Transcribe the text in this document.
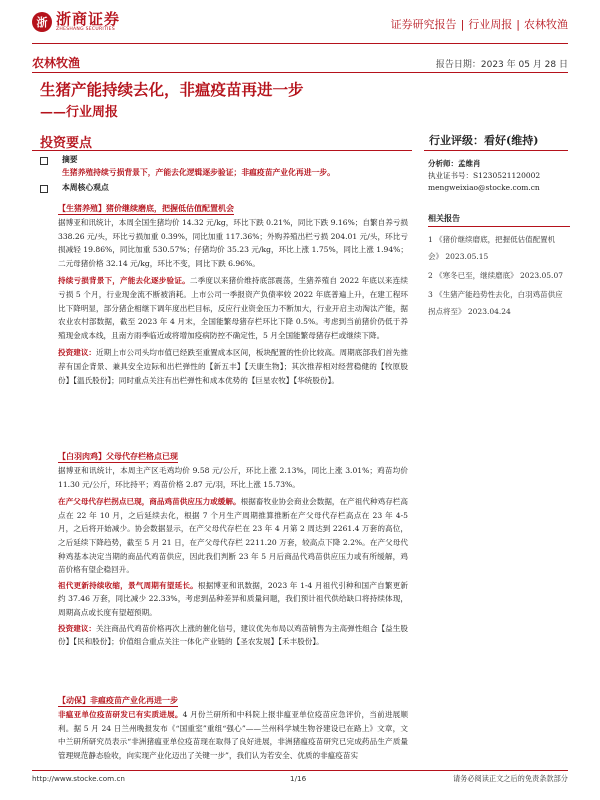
浙 浙商证券
ZHESHANG SECURITIES	证券研究报告 | 行业周报 | 农林牧渔
农林牧渔	报告日期：2023 年 05 月 28 日
生猪产能持续去化，非瘟疫苗再进一步
——行业周报
投资要点	行业评级：看好(维持)
摘要
生猪养殖持续亏损背景下，产能去化逻辑逐步验证；非瘟疫苗产业化再进一步。
本周核心观点
【生猪养殖】猪价继续磨底，把握低估值配置机会
据博亚和讯统计，本周全国生猪均价 14.32 元/kg，环比下跌 0.21%，同比下跌 9.16%；自繁自养亏损 338.26 元/头，环比亏损加重 0.39%，同比加重 117.36%；外购养殖出栏亏损 204.01 元/头，环比亏损减轻 19.86%，同比加重 530.57%；仔猪均价 35.23 元/kg，环比上涨 1.75%，同比上涨 1.94%；二元母猪价格 32.14 元/kg，环比不变，同比下跌 6.96%。
持续亏损背景下，产能去化逐步验证。二季度以来猪价维持底部震荡，生猪养殖自 2022 年底以来连续亏损 5 个月，行业现金流不断被消耗。上市公司一季报资产负债率较 2022 年底普遍上升，在建工程环比下降明显，部分猪企相继下调年度出栏目标，反应行业资金压力不断加大，行业开启主动淘汰产能，据农业农村部数据，截至 2023 年 4 月末，全国能繁母猪存栏环比下降 0.5%。考虑到当前猪价仍低于养殖现金成本线，且南方雨季临近或将增加疫病防控不确定性，5 月全国能繁母猪存栏或继续下降。
投资建议：近期上市公司头均市值已经跌至重置成本区间，板块配置的性价比较高。周期底部我们首先推荐有国企背景、兼具安全边际和出栏弹性的【新五丰】【天康生物】；其次推荐相对经营稳健的【牧原股份】【温氏股份】；同时重点关注有出栏弹性和成本优势的【巨星农牧】【华统股份】。
【白羽肉鸡】父母代存栏格点已现
据博亚和讯统计，本周主产区毛鸡均价 9.58 元/公斤，环比上涨 2.13%，同比上涨 3.01%；鸡苗均价 11.30 元/公斤，环比持平；鸡苗价格 2.87 元/羽，环比上涨 15.73%。
在产父母代存栏拐点已现，商品鸡苗供应压力或缓解。根据畜牧业协会商业会数据，在产祖代种鸡存栏高点在 22 年 10 月，之后延续去化，根据 7 个月生产周期推算推断在产父母代存栏高点在 23 年 4-5 月，之后将开始减少。协会数据显示，在产父母代存栏在 23 年 4 月第 2 周达到 2261.4 万套的高位，之后延续下降趋势，截至 5 月 21 日，在产父母代存栏 2211.20 万套，较高点下降 2.2%。在产父母代种鸡基本决定当期的商品代鸡苗供应，因此我们判断 23 年 5 月后商品代鸡苗供应压力或有所缓解，鸡苗价格有望企稳回升。
祖代更新持续收缩，景气周期有望延长。根据博亚和讯数据，2023 年 1-4 月祖代引种和国产自繁更新约 37.46 万套，同比减少 22.33%，考虑到品种差异和质量问题，我们预计祖代供给缺口将持续体现，周期高点或长度有望超预期。
投资建议：关注商品代鸡苗价格再次上涨的催化信号，建议优先布局以鸡苗销售为主高弹性组合【益生股份】【民和股份】；价值组合重点关注一体化产业链的【圣农发展】【禾丰股份】。
【动保】非瘟疫苗产业化再进一步
非瘟亚单位疫苗研发已有实质进展。4 月份兰研所和中科院上报非瘟亚单位疫苗应急评价，当前进展顺利。据 5 月 24 日兰州晚报发布《“国重室”重组“强心”——兰州科学城生物谷建设已在路上》文章，文中兰研所研究员表示“非洲猪瘟亚单位疫苗现在取得了良好进展，非洲猪瘟疫苗研究已完成药品生产质量管理规范静态验收，向实现产业化迈出了关键一步”，我们认为若安全、优质的非瘟疫苗实
分析师：孟维肖
执业证书号：S1230521120002
mengweixiao@stocke.com.cn
相关报告
1 《猪价继续磨底，把握低估值配置机会》 2023.05.15
2 《寒冬已至，继续磨底》 2023.05.07
3 《生猪产能趋势性去化，白羽鸡苗供应拐点将至》 2023.04.24
http://www.stocke.com.cn	1/16	请务必阅读正文之后的免责条款部分
